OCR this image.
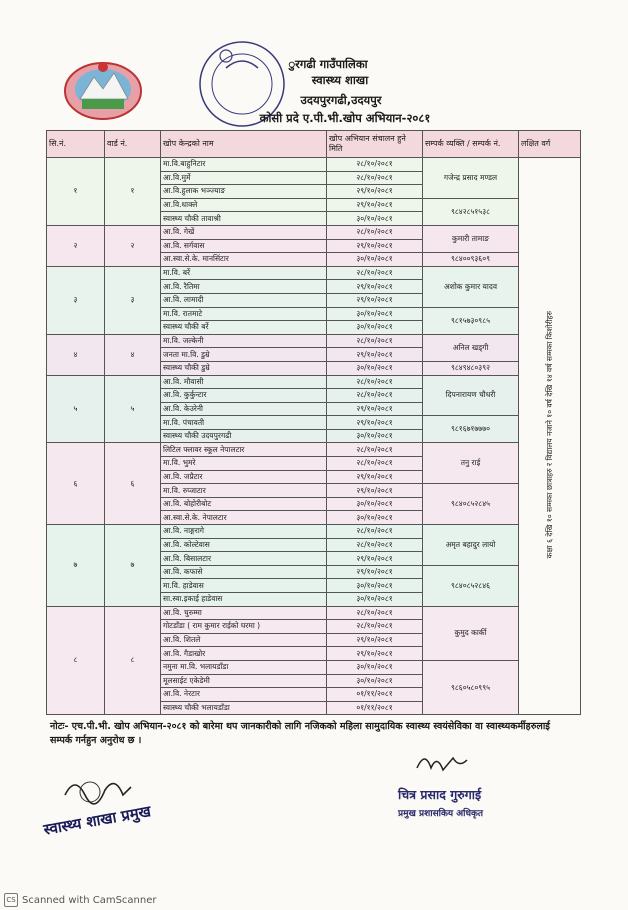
ुरगढी गाउँपालिका
स्वास्थ्य शाखा
उदयपुरगढी,उदयपुर
कोसी प्रदे ए.पी.भी.खोप अभियान-२०८१
सि.नं.	वार्ड नं.	खोप केन्द्रको नाम	खोप अभियान संचालन हुने मिति	सम्पर्क व्यक्ति / सम्पर्क नं.	लक्षित वर्ग
१	१	मा.वि.बाहुनिटार	२८/१०/२०८१	गजेन्द्र प्रसाद मण्डल	कक्षा ६ देखि १० सम्मका छात्राहरु र विद्यालय नजाने १० वर्ष देखि १४ वर्ष सम्मका किशोरीहरु
		आ.वि.मुर्मे	२८/१०/२०८१		
		आ.वि.हुलाक भञ्ज्याङ	२९/१०/२०८१		
		आ.वि.धाक्ले	२९/१०/२०८१	९८४२८५१५३८	
		स्वास्थ्य चौकी तावाश्री	३०/१०/२०८१		
२	२	आ.वि. गेखें	२८/१०/२०८१	कुमारी तामाङ	
		आ.वि. सर्गवास	२९/१०/२०८१		
		आ.स्वा.से.के. मानसिंटार	३०/१०/२०८१	९८४००९३६०९	
३	३	मा.वि. बर्रे	२८/१०/२०८१	अशोक कुमार यादव	
		आ.वि. रैतिमा	२९/१०/२०८१		
		आ.वि. लामादी	२९/१०/२०८१		
		मा.वि. रातमाटे	३०/१०/२०८१	९८१५७३०९८५	
		स्वास्थ्य चौकी बर्रे	३०/१०/२०८१		
४	४	मा.वि. जल्केनी	२८/१०/२०८१	अनिल खड्गी	
		जनता मा.वि. डुम्रे	२९/१०/२०८१		
		स्वास्थ्य चौकी डुम्रे	३०/१०/२०८१	९८४९४८०३९२	
५	५	आ.वि. मौवासी	२८/१०/२०८१	दिपनारायण चौधरी	
		आ.वि. कुर्कुन्टार	२८/१०/२०८१		
		आ.वि. केउरेनी	२९/१०/२०८१		
		मा.वि. पंचावती	२९/१०/२०८१	९८१६७१७७७०	
		स्वास्थ्य चौकी उदयपुरगढी	३०/१०/२०८१		
६	६	लिटिल फ्लावर स्कूल नेपालटार	२८/१०/२०८१	तनु राई	
		मा.वि. भुमरे	२८/१०/२०८१		
		आ.वि. जप्रैटार	२९/१०/२०८१		
		मा.वि. रुप्जाटार	२९/१०/२०८१	९८४०८५२८४५	
		आ.वि. बोहोरीबोट	३०/१०/२०८१		
		आ.स्वा.से.के. नेपालटार	३०/१०/२०८१		
७	७	आ.वि. नाङ्गरागे	२८/१०/२०८१	अमृत बहादुर लायो	
		आ.वि. कोल्टेवास	२८/१०/२०८१		
		आ.वि. बिसालटार	२९/१०/२०८१		
		आ.वि. कफासे	२९/१०/२०८१	९८४०८५२८४६	
		मा.वि. हाडेवास	३०/१०/२०८१		
		सा.स्वा.इकाई हाडेवास	३०/१०/२०८१		
८	८	आ.वि. चुरुम्मा	२८/१०/२०८१	कुमुद कार्की	
		गोटडाँडा ( राम कुमार राईको घरमा )	२८/१०/२०८१		
		आ.वि. शितले	२९/१०/२०८१		
		आ.वि. गैडाखोर	२९/१०/२०८१		
		नमुना मा.वि. भलायडाँडा	३०/१०/२०८१	९८६०५८०९९५	
		मूलसाईट एकेडेमी	३०/१०/२०८१		
		आ.वि. नेरटार	०१/११/२०८१		
		स्वास्थ्य चौकी भलायडाँडा	०१/११/२०८१		
नोटः- एच.पी.भी. खोप अभियान-२०८१ को बारेमा थप जानकारीको लागि नजिकको महिला सामुदायिक स्वास्थ्य स्वयंसेविका वा स्वास्थ्यकर्मीहरुलाई सम्पर्क गर्नहुन अनुरोध छ ।
स्वास्थ्य शाखा प्रमुख
चित्र प्रसाद गुरुगाई
प्रमुख प्रशासकिय अधिकृत
CS Scanned with CamScanner
